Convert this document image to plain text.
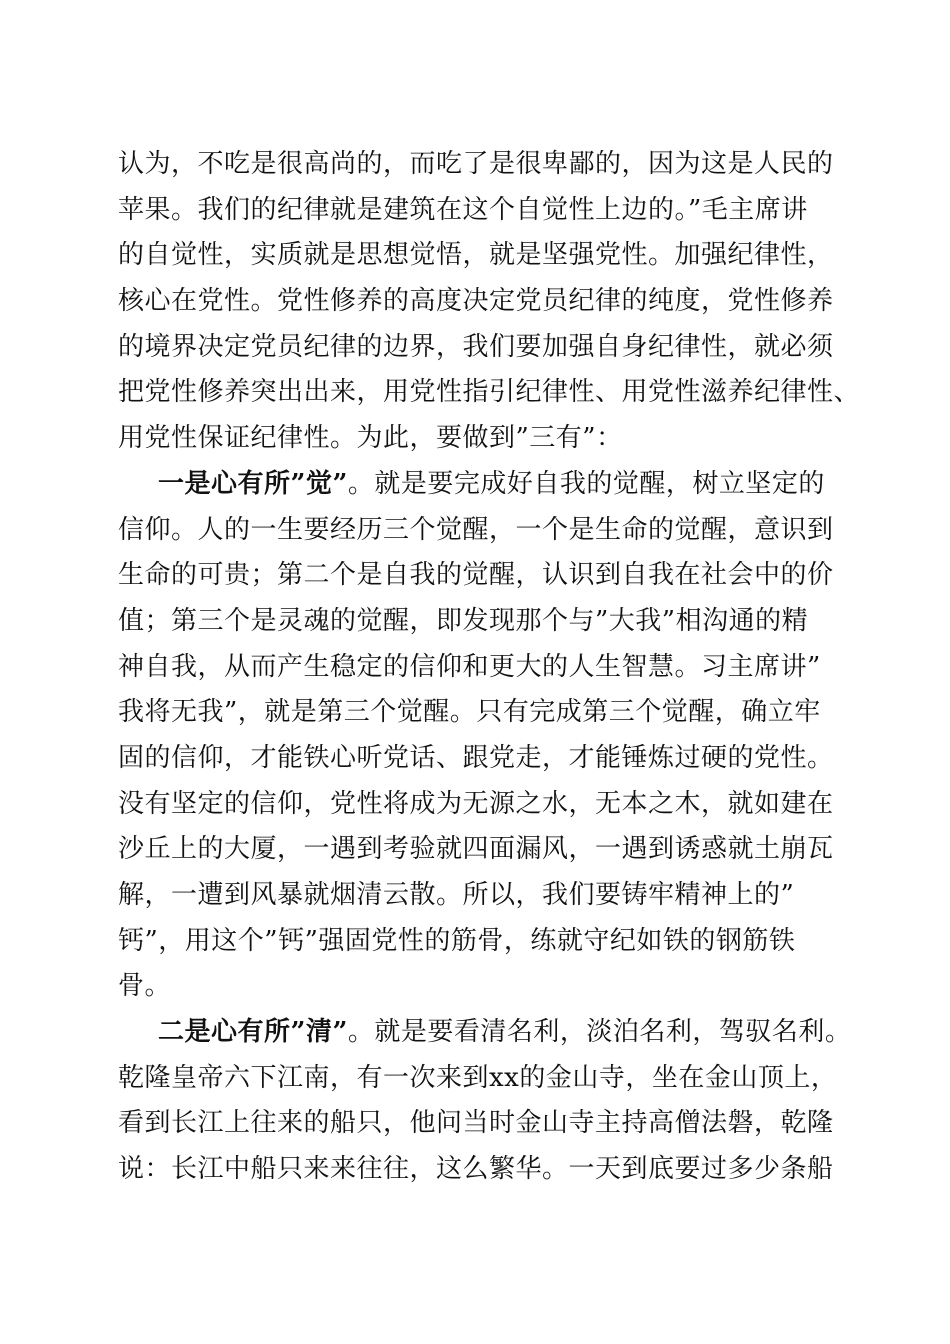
认为，不吃是很高尚的，而吃了是很卑鄙的，因为这是人民的
苹果。我们的纪律就是建筑在这个自觉性上边的。”毛主席讲
的自觉性，实质就是思想觉悟，就是坚强党性。加强纪律性，
核心在党性。党性修养的高度决定党员纪律的纯度，党性修养
的境界决定党员纪律的边界，我们要加强自身纪律性，就必须
把党性修养突出出来，用党性指引纪律性、用党性滋养纪律性、
用党性保证纪律性。为此，要做到”三有”：
一是心有所”觉”。就是要完成好自我的觉醒，树立坚定的
信仰。人的一生要经历三个觉醒，一个是生命的觉醒，意识到
生命的可贵；第二个是自我的觉醒，认识到自我在社会中的价
值；第三个是灵魂的觉醒，即发现那个与”大我”相沟通的精
神自我，从而产生稳定的信仰和更大的人生智慧。习主席讲”
我将无我”，就是第三个觉醒。只有完成第三个觉醒，确立牢
固的信仰，才能铁心听党话、跟党走，才能锤炼过硬的党性。
没有坚定的信仰，党性将成为无源之水，无本之木，就如建在
沙丘上的大厦，一遇到考验就四面漏风，一遇到诱惑就土崩瓦
解，一遭到风暴就烟清云散。所以，我们要铸牢精神上的”
钙”，用这个”钙”强固党性的筋骨，练就守纪如铁的钢筋铁
骨。
二是心有所”清”。就是要看清名利，淡泊名利，驾驭名利。
乾隆皇帝六下江南，有一次来到xx的金山寺，坐在金山顶上，
看到长江上往来的船只，他问当时金山寺主持高僧法磐，乾隆
说：长江中船只来来往往，这么繁华。一天到底要过多少条船
